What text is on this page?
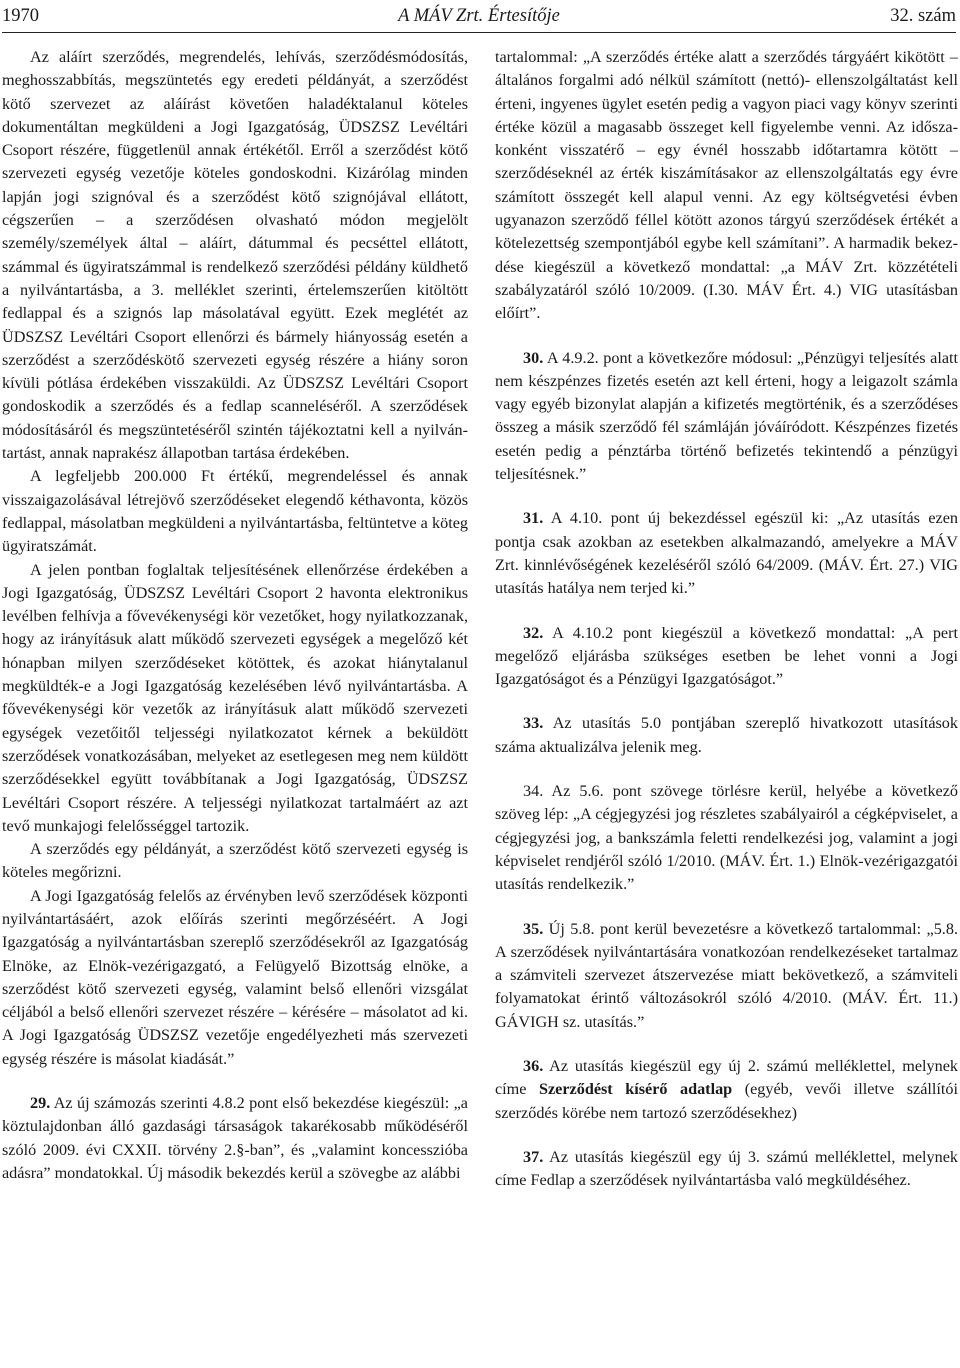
1970	A MÁV Zrt. Értesítője	32. szám

Az aláírt szerződés, megrendelés, lehívás, szerződésmódosítás, meghosszabbítás, megszüntetés egy eredeti példányát, a szerződést kötő szervezet az aláírást követően haladéktalanul köteles dokumentáltan megküldeni a Jogi Igazgatóság, ÜDSZSZ Levéltári Csoport részére, függetlenül annak értékétől. Erről a szerződést kötő szervezeti egység vezetője köteles gondoskodni. Kizárólag minden lapján jogi szignóval és a szerződést kötő szignójával ellátott, cégszerűen – a szerződésen olvasható módon megjelölt személy/személyek által – aláírt, dátummal és pecséttel ellátott, számmal és ügyiratszámmal is rendelkező szerződési példány küldhető a nyilvántartásba, a 3. melléklet szerinti, értelemszerűen kitöltött fedlappal és a szignós lap másolatával együtt. Ezek meglétét az ÜDSZSZ Levéltári Csoport ellenőrzi és bármely hiányosság esetén a szerződést a szerződéskötő szervezeti egység részére a hiány soron kívüli pótlása érdekében visszaküldi. Az ÜDSZSZ Levéltári Csoport gondoskodik a szerződés és a fedlap scanneléséről. A szerződések módosításáról és megszüntetéséről szintén tájékoztatni kell a nyilvántartást, annak naprakész állapotban tartása érdekében.

A legfeljebb 200.000 Ft értékű, megrendeléssel és annak visszaigazolásával létrejövő szerződéseket elegendő kéthavonta, közös fedlappal, másolatban megküldeni a nyilvántartásba, feltüntetve a köteg ügyiratszámát.

A jelen pontban foglaltak teljesítésének ellenőrzése érdekében a Jogi Igazgatóság, ÜDSZSZ Levéltári Csoport 2 havonta elektronikus levélben felhívja a fővevékenységi kör vezetőket, hogy nyilatkozzanak, hogy az irányításuk alatt működő szervezeti egységek a megelőző két hónapban milyen szerződéseket kötöttek, és azokat hiánytalanul megküldték-e a Jogi Igazgatóság kezelésében lévő nyilvántartásba. A fővevékenységi kör vezetők az irányításuk alatt működő szervezeti egységek vezetőitől teljességi nyilatkozatot kérnek a beküldött szerződések vonatkozásában, melyeket az esetlegesen meg nem küldött szerződésekkel együtt továbbítanak a Jogi Igazgatóság, ÜDSZSZ Levéltári Csoport részére. A teljességi nyilatkozat tartalmáért az azt tevő munkajogi felelősséggel tartozik.

A szerződés egy példányát, a szerződést kötő szervezeti egység is köteles megőrizni.

A Jogi Igazgatóság felelős az érvényben levő szerződések központi nyilvántartásáért, azok előírás szerinti megőrzéséért. A Jogi Igazgatóság a nyilvántartásban szereplő szerződésekről az Igazgatóság Elnöke, az Elnök-vezérigazgató, a Felügyelő Bizottság elnöke, a szerződést kötő szervezeti egység, valamint belső ellenőri vizsgálat céljából a belső ellenőri szervezet részére – kérésére – másolatot ad ki. A Jogi Igazgatóság ÜDSZSZ vezetője engedélyezheti más szervezeti egység részére is másolat kiadását.”

29. Az új számozás szerinti 4.8.2 pont első bekezdése kiegészül: „a köztulajdonban álló gazdasági társaságok takarékosabb működéséről szóló 2009. évi CXXII. törvény 2.§-ban”, és „valamint koncesszióba adásra” mondatokkal. Új második bekezdés kerül a szövegbe az alábbi

tartalommal: „A szerződés értéke alatt a szerződés tárgyáért kikötött – általános forgalmi adó nélkül számított (nettó)- ellenszolgáltatást kell érteni, ingyenes ügylet esetén pedig a vagyon piaci vagy könyv szerinti értéke közül a magasabb összeget kell figyelembe venni. Az időszakonként visszatérő – egy évnél hosszabb időtartamra kötött – szerződéseknél az érték kiszámításakor az ellenszolgáltatás egy évre számított összegét kell alapul venni. Az egy költségvetési évben ugyanazon szerződő féllel kötött azonos tárgyú szerződések értékét a kötelezettség szempontjából egybe kell számítani”. A harmadik bekezdése kiegészül a következő mondattal: „a MÁV Zrt. közzétételi szabályzatáról szóló 10/2009. (I.30. MÁV Ért. 4.) VIG utasításban előírt”.

30. A 4.9.2. pont a következőre módosul: „Pénzügyi teljesítés alatt nem készpénzes fizetés esetén azt kell érteni, hogy a leigazolt számla vagy egyéb bizonylat alapján a kifizetés megtörténik, és a szerződéses összeg a másik szerződő fél számláján jóváíródott. Készpénzes fizetés esetén pedig a pénztárba történő befizetés tekintendő a pénzügyi teljesítésnek.”

31. A 4.10. pont új bekezdéssel egészül ki: „Az utasítás ezen pontja csak azokban az esetekben alkalmazandó, amelyekre a MÁV Zrt. kinnlévőségének kezeléséről szóló 64/2009. (MÁV. Ért. 27.) VIG utasítás hatálya nem terjed ki.”

32. A 4.10.2 pont kiegészül a következő mondattal: „A pert megelőző eljárásba szükséges esetben be lehet vonni a Jogi Igazgatóságot és a Pénzügyi Igazgatóságot.”

33. Az utasítás 5.0 pontjában szereplő hivatkozott utasítások száma aktualizálva jelenik meg.

34. Az 5.6. pont szövege törlésre kerül, helyébe a következő szöveg lép: „A cégjegyzési jog részletes szabályairól a cégképviselet, a cégjegyzési jog, a bankszámla feletti rendelkezési jog, valamint a jogi képviselet rendjéről szóló 1/2010. (MÁV. Ért. 1.) Elnök-vezérigazgatói utasítás rendelkezik.”

35. Új 5.8. pont kerül bevezetésre a következő tartalommal: „5.8. A szerződések nyilvántartására vonatkozóan rendelkezéseket tartalmaz a számviteli szervezet átszervezése miatt bekövetkező, a számviteli folyamatokat érintő változásokról szóló 4/2010. (MÁV. Ért. 11.) GÁVIGH sz. utasítás.”

36. Az utasítás kiegészül egy új 2. számú melléklettel, melynek címe Szerződést kísérő adatlap (egyéb, vevői illetve szállítói szerződés körébe nem tartozó szerződésekhez)

37. Az utasítás kiegészül egy új 3. számú melléklettel, melynek címe Fedlap a szerződések nyilvántartásba való megküldéséhez.
